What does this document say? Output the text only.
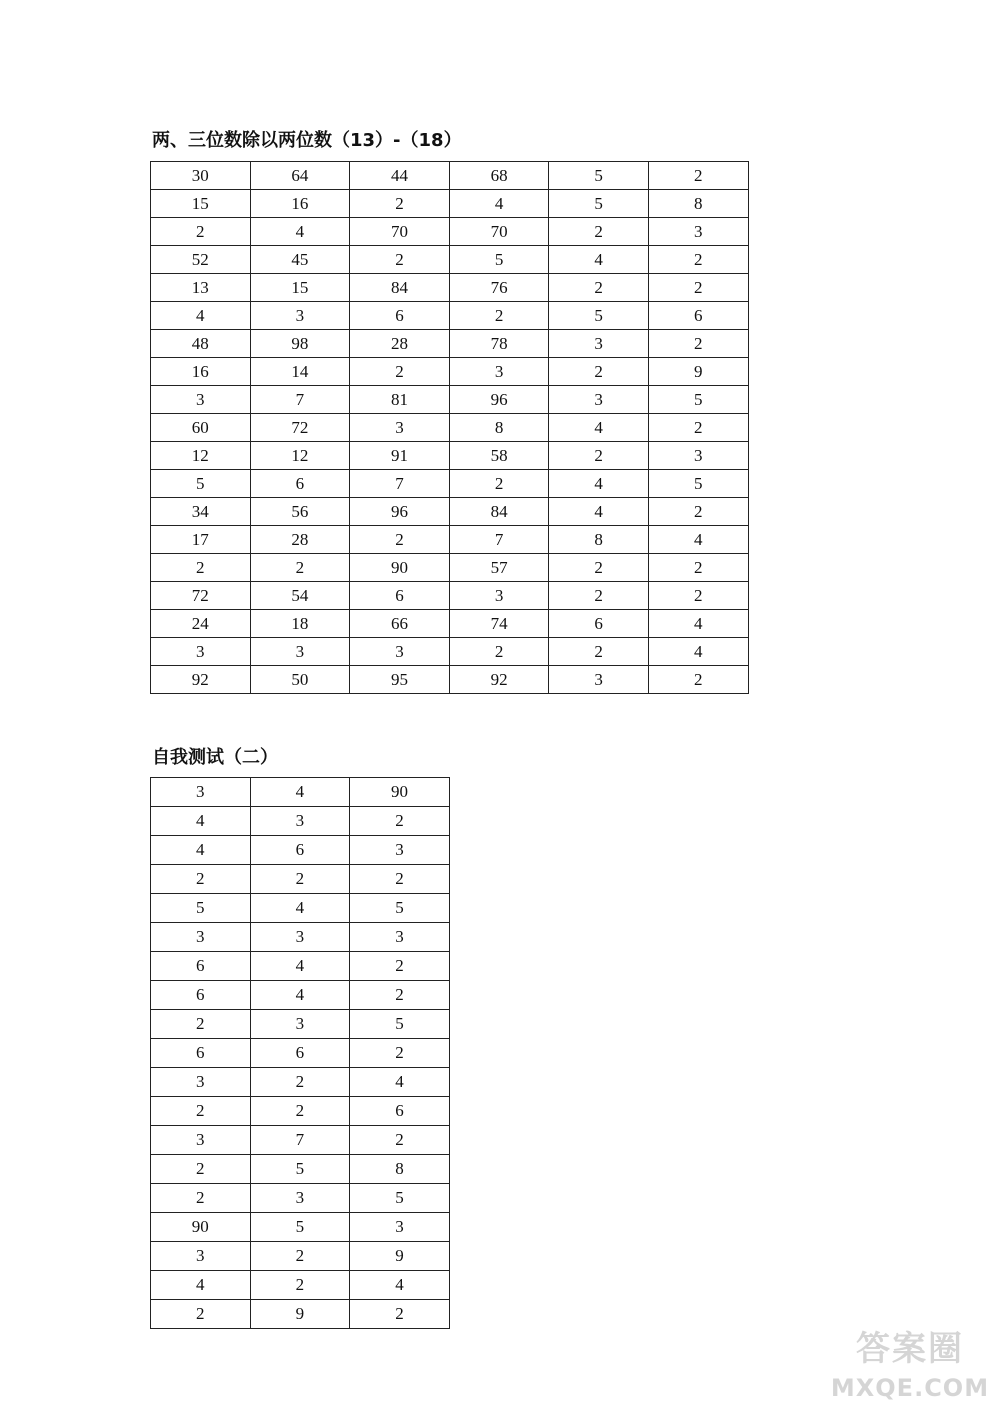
两、三位数除以两位数（13）-（18）
30	64	44	68	5	2
15	16	2	4	5	8
2	4	70	70	2	3
52	45	2	5	4	2
13	15	84	76	2	2
4	3	6	2	5	6
48	98	28	78	3	2
16	14	2	3	2	9
3	7	81	96	3	5
60	72	3	8	4	2
12	12	91	58	2	3
5	6	7	2	4	5
34	56	96	84	4	2
17	28	2	7	8	4
2	2	90	57	2	2
72	54	6	3	2	2
24	18	66	74	6	4
3	3	3	2	2	4
92	50	95	92	3	2
自我测试（二）
3	4	90
4	3	2
4	6	3
2	2	2
5	4	5
3	3	3
6	4	2
6	4	2
2	3	5
6	6	2
3	2	4
2	2	6
3	7	2
2	5	8
2	3	5
90	5	3
3	2	9
4	2	4
2	9	2
答案圈
MXQE.COM
